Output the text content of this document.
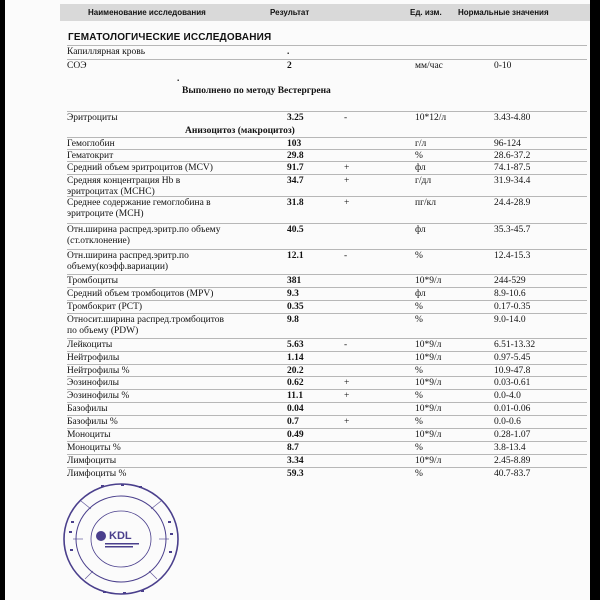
Наименование исследования	Результат	Ед. изм. Нормальные значения
ГЕМАТОЛОГИЧЕСКИЕ ИССЛЕДОВАНИЯ
Капиллярная кровь	.
СОЭ	2	мм/час	0-10
.
Выполнено по методу Вестергрена
Эритроциты	3.25	-	10*12/л	3.43-4.80
Анизоцитоз (макроцитоз)
Гемоглобин	103	г/л	96-124
Гематокрит	29.8	%	28.6-37.2
Средний объем эритроцитов (MCV)	91.7	+	фл	74.1-87.5
Средняя концентрация Hb в
эритроцитах (MCHC)
34.7	+	г/дл	31.9-34.4
Среднее содержание гемоглобина в
эритроците (MCH)
31.8	+	пг/кл	24.4-28.9
Отн.ширина распред.эритр.по объему
(ст.отклонение)
40.5	фл	35.3-45.7
Отн.ширина распред.эритр.по
объему(коэфф.вариации)
12.1	-	%	12.4-15.3
Тромбоциты	381	10*9/л	244-529
Средний объем тромбоцитов (MPV)	9.3	фл	8.9-10.6
Тромбокрит (PCT)	0.35	%	0.17-0.35
Относит.ширина распред.тромбоцитов
по объему (PDW)
9.8	%	9.0-14.0
Лейкоциты	5.63	-	10*9/л	6.51-13.32
Нейтрофилы	1.14	10*9/л	0.97-5.45
Нейтрофилы %	20.2	%	10.9-47.8
Эозинофилы	0.62	+	10*9/л	0.03-0.61
Эозинофилы %	11.1	+	%	0.0-4.0
Базофилы	0.04	10*9/л	0.01-0.06
Базофилы %	0.7	+	%	0.0-0.6
Моноциты	0.49	10*9/л	0.28-1.07
Моноциты %	8.7	%	3.8-13.4
Лимфоциты	3.34	10*9/л	2.45-8.89
Лимфоциты %	59.3	%	40.7-83.7
KDL
